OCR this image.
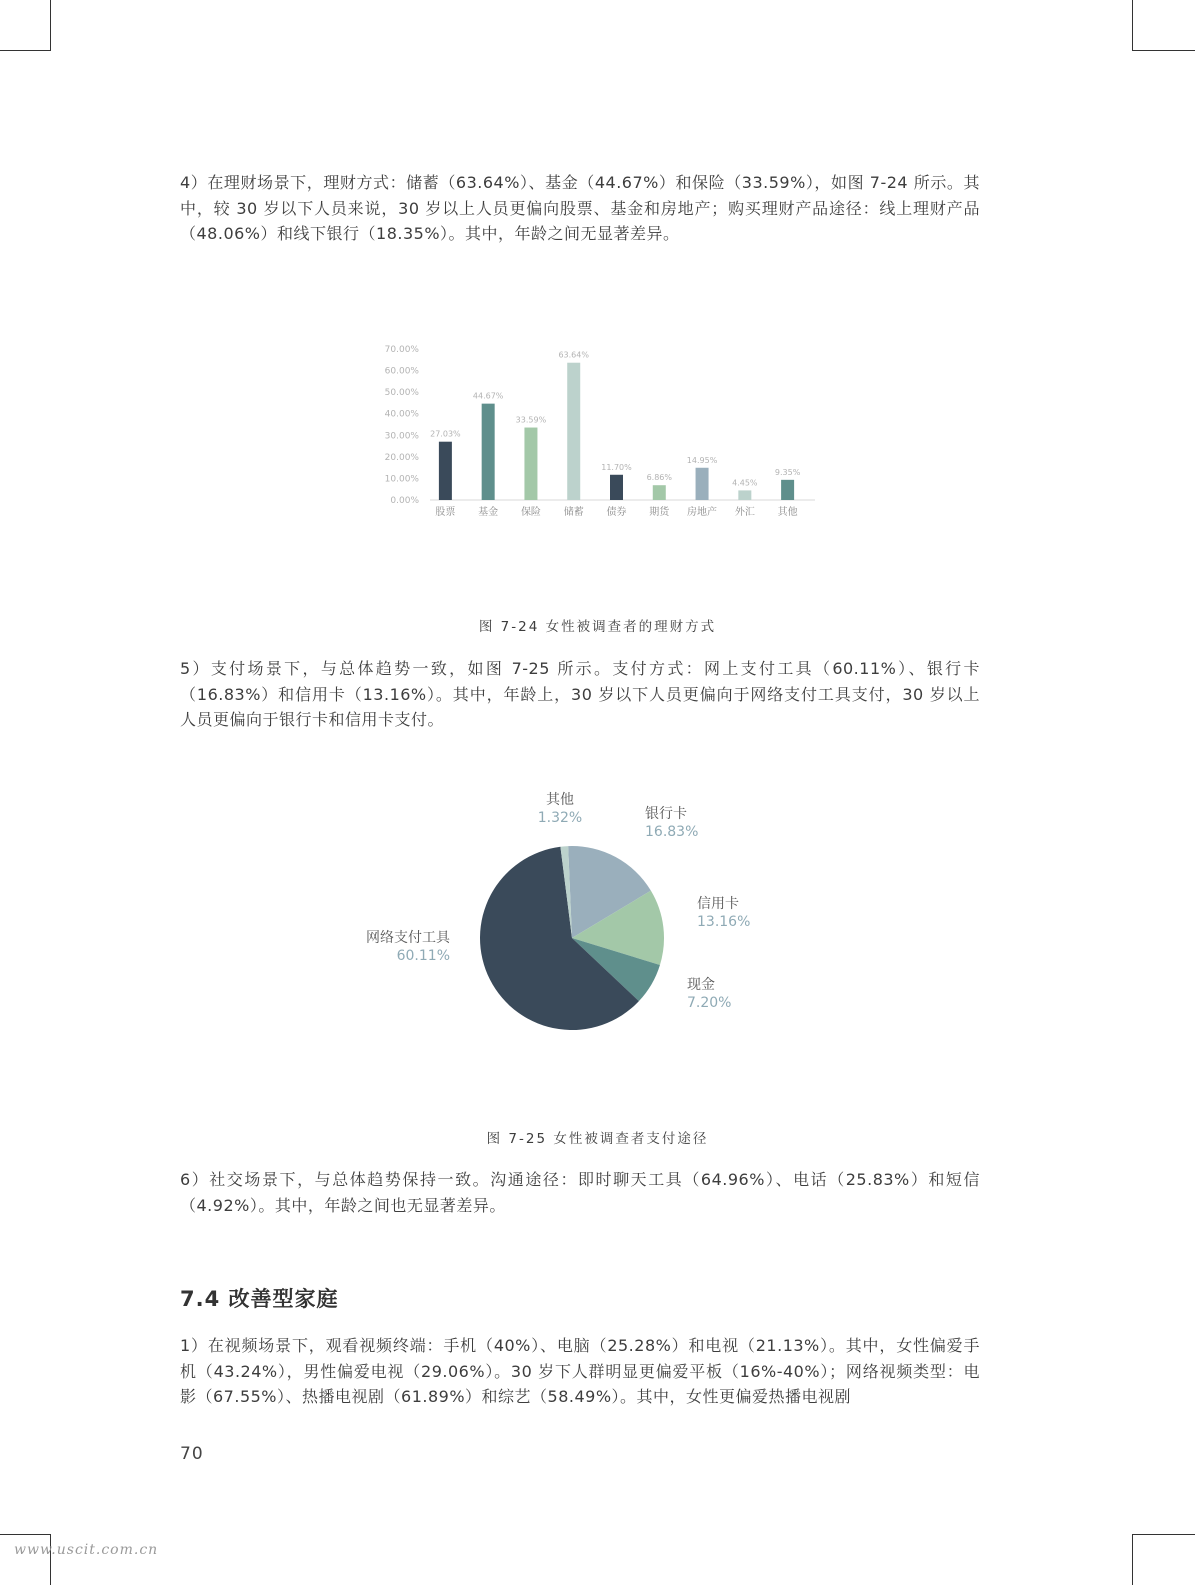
4）在理财场景下，理财方式：储蓄（63.64%）、基金（44.67%）和保险（33.59%），如图 7-24 所示。其中，较 30 岁以下人员来说，30 岁以上人员更偏向股票、基金和房地产；购买理财产品途径：线上理财产品（48.06%）和线下银行（18.35%）。其中，年龄之间无显著差异。

0.00%
10.00%
20.00%
30.00%
40.00%
50.00%
60.00%
70.00%
27.03%
股票
44.67%
基金
33.59%
保险
63.64%
储蓄
11.70%
债券
6.86%
期货
14.95%
房地产
4.45%
外汇
9.35%
其他
图 7-24 女性被调查者的理财方式

5）支付场景下，与总体趋势一致，如图 7-25 所示。支付方式：网上支付工具（60.11%）、银行卡（16.83%）和信用卡（13.16%）。其中，年龄上，30 岁以下人员更偏向于网络支付工具支付，30 岁以上人员更偏向于银行卡和信用卡支付。

银行卡
16.83%
信用卡
13.16%
现金
7.20%
网络支付工具
60.11%
其他
1.32%
图 7-25 女性被调查者支付途径

6）社交场景下，与总体趋势保持一致。沟通途径：即时聊天工具（64.96%）、电话（25.83%）和短信（4.92%）。其中，年龄之间也无显著差异。

7.4 改善型家庭

1）在视频场景下，观看视频终端：手机（40%）、电脑（25.28%）和电视（21.13%）。其中，女性偏爱手机（43.24%），男性偏爱电视（29.06%）。30 岁下人群明显更偏爱平板（16%-40%）；网络视频类型：电影（67.55%）、热播电视剧（61.89%）和综艺（58.49%）。其中，女性更偏爱热播电视剧

70
www.uscit.com.cn
